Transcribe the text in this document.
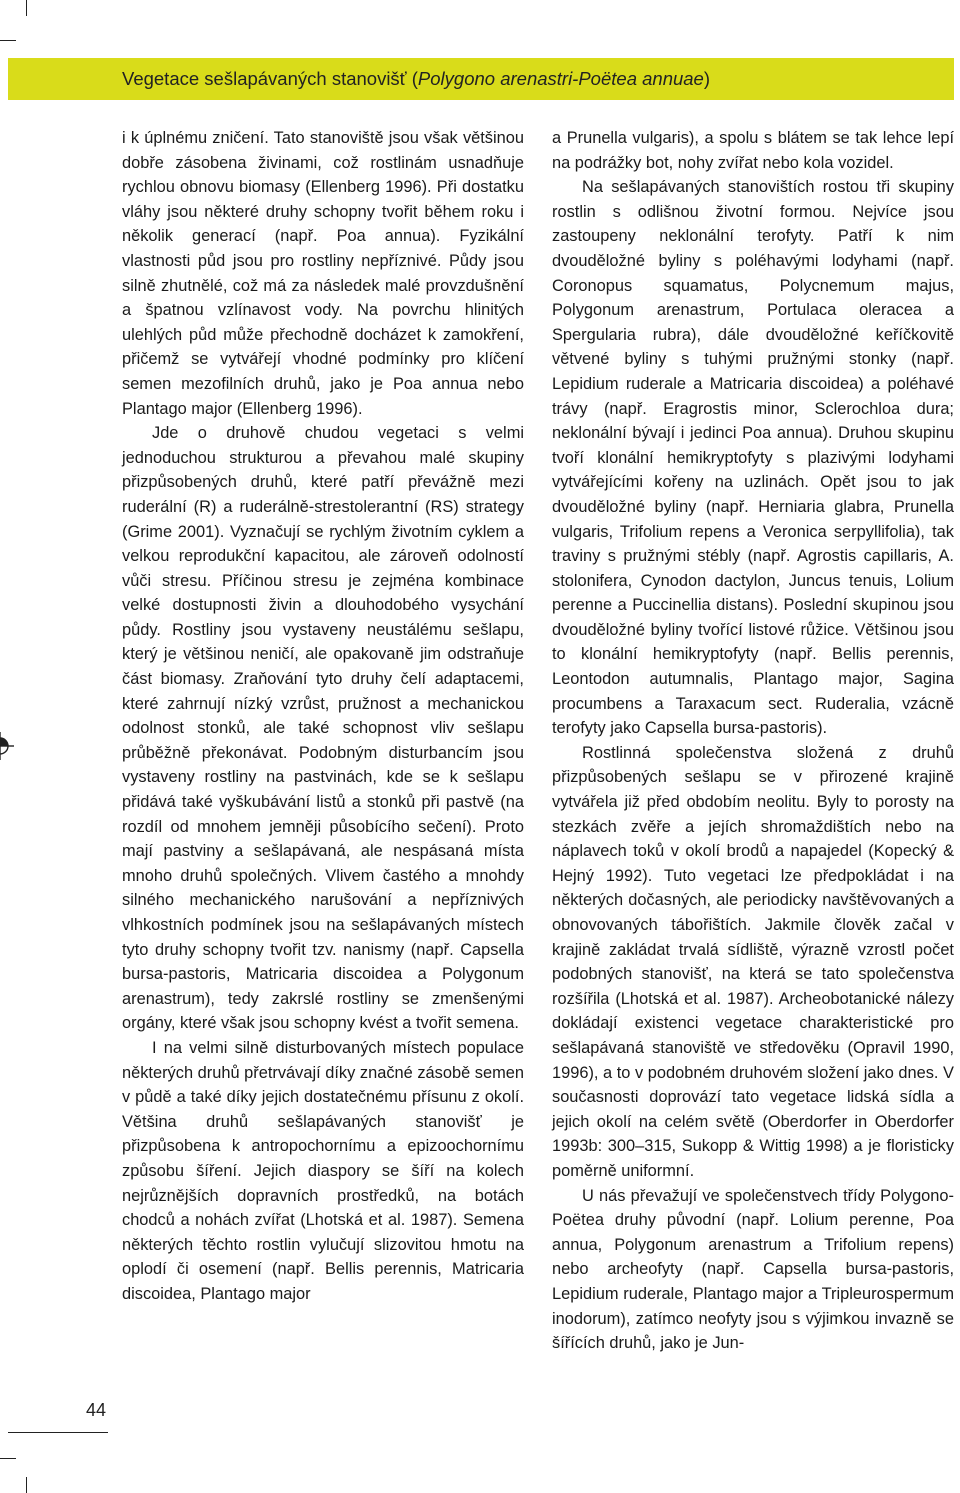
Vegetace sešlapávaných stanovišť (Polygono arenastri-Poëtea annuae)

i k úplnému zničení. Tato stanoviště jsou však většinou dobře zásobena živinami, což rostlinám usnadňuje rychlou obnovu biomasy (Ellenberg 1996). Při dostatku vláhy jsou některé druhy schopny tvořit během roku i několik generací (např. Poa annua). Fyzikální vlastnosti půd jsou pro rostliny nepříznivé. Půdy jsou silně zhutnělé, což má za následek malé provzdušnění a špatnou vzlínavost vody. Na povrchu hlinitých ulehlých půd může přechodně docházet k zamokření, přičemž se vytvářejí vhodné podmínky pro klíčení semen mezofilních druhů, jako je Poa annua nebo Plantago major (Ellenberg 1996).

Jde o druhově chudou vegetaci s velmi jednoduchou strukturou a převahou malé skupiny přizpůsobených druhů, které patří převážně mezi ruderální (R) a ruderálně-strestolerantní (RS) strategy (Grime 2001). Vyznačují se rychlým životním cyklem a velkou reprodukční kapacitou, ale zároveň odolností vůči stresu. Příčinou stresu je zejména kombinace velké dostupnosti živin a dlouhodobého vysychání půdy. Rostliny jsou vystaveny neustálému sešlapu, který je většinou neničí, ale opakovaně jim odstraňuje část biomasy. Zraňování tyto druhy čelí adaptacemi, které zahrnují nízký vzrůst, pružnost a mechanickou odolnost stonků, ale také schopnost vliv sešlapu průběžně překonávat. Podobným disturbancím jsou vystaveny rostliny na pastvinách, kde se k sešlapu přidává také vyškubávání listů a stonků při pastvě (na rozdíl od mnohem jemněji působícího sečení). Proto mají pastviny a sešlapávaná, ale nespásaná místa mnoho druhů společných. Vlivem častého a mnohdy silného mechanického narušování a nepříznivých vlhkostních podmínek jsou na sešlapávaných místech tyto druhy schopny tvořit tzv. nanismy (např. Capsella bursa-pastoris, Matricaria discoidea a Polygonum arenastrum), tedy zakrslé rostliny se zmenšenými orgány, které však jsou schopny kvést a tvořit semena.

I na velmi silně disturbovaných místech populace některých druhů přetrvávají díky značné zásobě semen v půdě a také díky jejich dostatečnému přísunu z okolí. Většina druhů sešlapávaných stanovišť je přizpůsobena k antropochornímu a epizoochornímu způsobu šíření. Jejich diaspory se šíří na kolech nejrůznějších dopravních prostředků, na botách chodců a nohách zvířat (Lhotská et al. 1987). Semena některých těchto rostlin vylučují slizovitou hmotu na oplodí či osemení (např. Bellis perennis, Matricaria discoidea, Plantago major

a Prunella vulgaris), a spolu s blátem se tak lehce lepí na podrážky bot, nohy zvířat nebo kola vozidel.

Na sešlapávaných stanovištích rostou tři skupiny rostlin s odlišnou životní formou. Nejvíce jsou zastoupeny neklonální terofyty. Patří k nim dvouděložné byliny s poléhavými lodyhami (např. Coronopus squamatus, Polycnemum majus, Polygonum arenastrum, Portulaca oleracea a Spergularia rubra), dále dvouděložné keříčkovitě větvené byliny s tuhými pružnými stonky (např. Lepidium ruderale a Matricaria discoidea) a poléhavé trávy (např. Eragrostis minor, Sclerochloa dura; neklonální bývají i jedinci Poa annua). Druhou skupinu tvoří klonální hemikryptofyty s plazivými lodyhami vytvářejícími kořeny na uzlinách. Opět jsou to jak dvouděložné byliny (např. Herniaria glabra, Prunella vulgaris, Trifolium repens a Veronica serpyllifolia), tak traviny s pružnými stébly (např. Agrostis capillaris, A. stolonifera, Cynodon dactylon, Juncus tenuis, Lolium perenne a Puccinellia distans). Poslední skupinou jsou dvouděložné byliny tvořící listové růžice. Většinou jsou to klonální hemikryptofyty (např. Bellis perennis, Leontodon autumnalis, Plantago major, Sagina procumbens a Taraxacum sect. Ruderalia, vzácně terofyty jako Capsella bursa-pastoris).

Rostlinná společenstva složená z druhů přizpůsobených sešlapu se v přirozené krajině vytvářela již před obdobím neolitu. Byly to porosty na stezkách zvěře a jejích shromaždištích nebo na náplavech toků v okolí brodů a napajedel (Kopecký & Hejný 1992). Tuto vegetaci lze předpokládat i na některých dočasných, ale periodicky navštěvovaných a obnovovaných tábořištích. Jakmile člověk začal v krajině zakládat trvalá sídliště, výrazně vzrostl počet podobných stanovišť, na která se tato společenstva rozšířila (Lhotská et al. 1987). Archeobotanické nálezy dokládají existenci vegetace charakteristické pro sešlapávaná stanoviště ve středověku (Opravil 1990, 1996), a to v podobném druhovém složení jako dnes. V současnosti doprovází tato vegetace lidská sídla a jejich okolí na celém světě (Oberdorfer in Oberdorfer 1993b: 300–315, Sukopp & Wittig 1998) a je floristicky poměrně uniformní.

U nás převažují ve společenstvech třídy Polygono-Poëtea druhy původní (např. Lolium perenne, Poa annua, Polygonum arenastrum a Trifolium repens) nebo archeofyty (např. Capsella bursa-pastoris, Lepidium ruderale, Plantago major a Tripleurospermum inodorum), zatímco neofyty jsou s výjimkou invazně se šířících druhů, jako je Jun-

44
